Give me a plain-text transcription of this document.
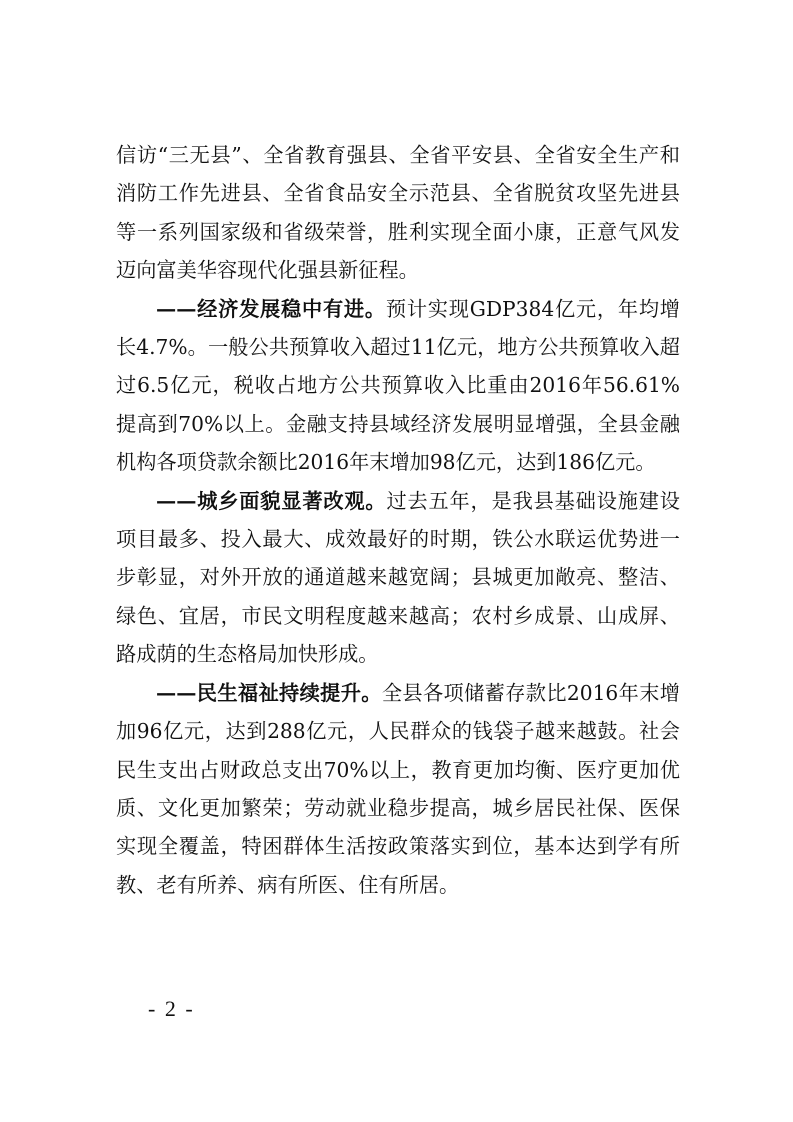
信访“三无县”、全省教育强县、全省平安县、全省安全生产和消防工作先进县、全省食品安全示范县、全省脱贫攻坚先进县等一系列国家级和省级荣誉，胜利实现全面小康，正意气风发迈向富美华容现代化强县新征程。

——经济发展稳中有进。预计实现GDP384亿元，年均增长4.7%。一般公共预算收入超过11亿元，地方公共预算收入超过6.5亿元，税收占地方公共预算收入比重由2016年56.61%提高到70%以上。金融支持县域经济发展明显增强，全县金融机构各项贷款余额比2016年末增加98亿元，达到186亿元。

——城乡面貌显著改观。过去五年，是我县基础设施建设项目最多、投入最大、成效最好的时期，铁公水联运优势进一步彰显，对外开放的通道越来越宽阔；县城更加敞亮、整洁、绿色、宜居，市民文明程度越来越高；农村乡成景、山成屏、路成荫的生态格局加快形成。

——民生福祉持续提升。全县各项储蓄存款比2016年末增加96亿元，达到288亿元，人民群众的钱袋子越来越鼓。社会民生支出占财政总支出70%以上，教育更加均衡、医疗更加优质、文化更加繁荣；劳动就业稳步提高，城乡居民社保、医保实现全覆盖，特困群体生活按政策落实到位，基本达到学有所教、老有所养、病有所医、住有所居。

- 2 -
